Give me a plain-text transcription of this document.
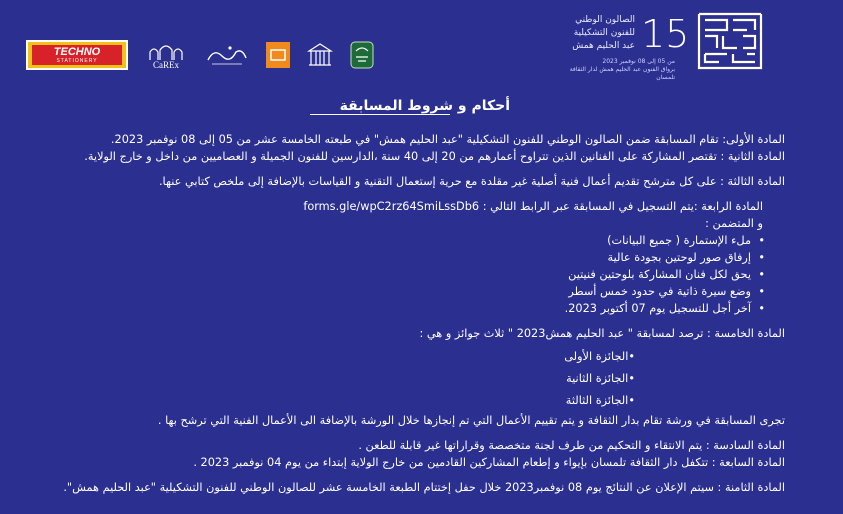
TECHNO
STATIONERY	CaREx
الصالون الوطني
للفنون التشكيلية
عبد الحليم همش 15
من 05 إلى 08 نوفمبر 2023
برواق الفنون عبد الحليم همش لدار الثقافة تلمسان
أحكام و شروط المسابقة

المادة الأولى: تقام المسابقة ضمن الصالون الوطني للفنون التشكيلية "عبد الحليم همش" في طبعته الخامسة عشر من 05 إلى 08 نوفمبر 2023.

المادة الثانية : تقتصر المشاركة على الفنانين الذين تتراوح أعمارهم من 20 إلى 40 سنة ،الدارسين للفنون الجميلة و العصاميين من داخل و خارج الولاية.

المادة الثالثة : على كل مترشح تقديم أعمال فنية أصلية غير مقلدة مع حرية إستعمال التقنية و القياسات بالإضافة إلى ملخص كتابي عنها.

المادة الرابعة :يتم التسجيل في المسابقة عبر الرابط التالي : forms.gle/wpC2rz64SmiLssDb6

و المتضمن :

• ملء الإستمارة ( جميع البيانات)
• إرفاق صور لوحتين بجودة عالية
• يحق لكل فنان المشاركة بلوحتين فنيتين
• وضع سيرة ذاتية في حدود خمس أسطر
• آخر أجل للتسجيل يوم 07 أكتوبر 2023.

المادة الخامسة : ترصد لمسابقة " عبد الحليم همش2023 " ثلاث جوائز و هي :

•الجائزة الأولى
•الجائزة الثانية
•الجائزة الثالثة

تجرى المسابقة في ورشة تقام بدار الثقافة و يتم تقييم الأعمال التي تم إنجازها خلال الورشة بالإضافة الى الأعمال الفنية التي ترشح بها .

المادة السادسة : يتم الانتقاء و التحكيم من طرف لجنة متخصصة وقراراتها غير قابلة للطعن .

المادة السابعة : تتكفل دار الثقافة تلمسان بإيواء و إطعام المشاركين القادمين من خارج الولاية إبتداء من يوم 04 نوفمبر 2023 .

المادة الثامنة : سيتم الإعلان عن النتائج يوم 08 نوفمبر2023 خلال حفل إختتام الطبعة الخامسة عشر للصالون الوطني للفنون التشكيلية "عبد الحليم همش".
